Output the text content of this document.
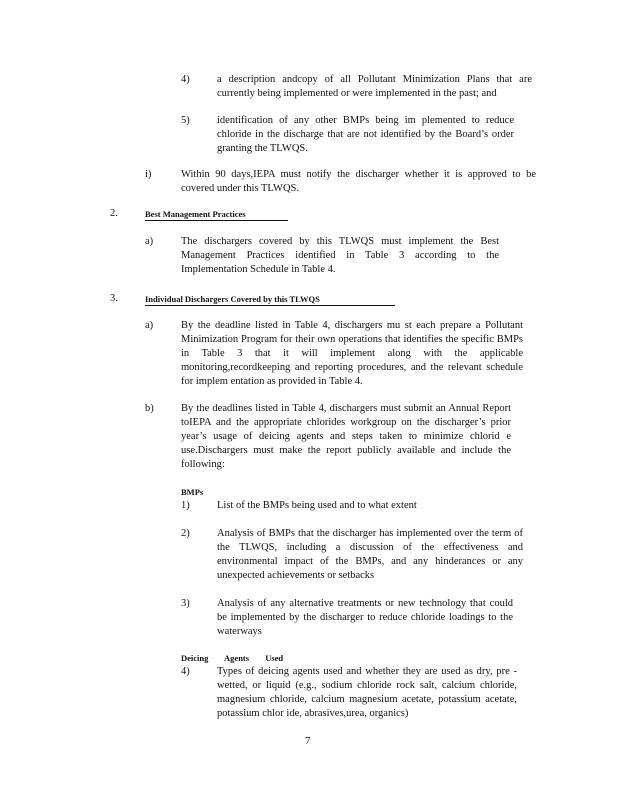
4)	a description andcopy of all Pollutant Minimization Plans that are currently being implemented or were implemented in the past; and
5)	identification of any other BMPs being im plemented to reduce chloride in the discharge that are not identified by the Board’s order granting the TLWQS.
i)	Within 90 days,IEPA must notify the discharger whether it is approved to be covered under this TLWQS.
2.	Best Management Practices
a)	The dischargers covered by this TLWQS must implement the Best Management Practices identified in Table 3 according to the Implementation Schedule in Table 4.
3.	Individual Dischargers Covered by this TLWQS
a)	By the deadline listed in Table 4, dischargers mu st each prepare a Pollutant Minimization Program for their own operations that identifies the specific BMPs in Table 3 that it will implement along with the applicable monitoring,recordkeeping and reporting procedures, and the relevant schedule for implem entation as provided in Table 4.
b)	By the deadlines listed in Table 4, dischargers must submit an Annual Report toIEPA and the appropriate chlorides workgroup on the discharger’s prior year’s usage of deicing agents and steps taken to minimize chlorid e use.Dischargers must make the report publicly available and include the following:
BMPs
1)	List of the BMPs being used and to what extent
2)	Analysis of BMPs that the discharger has implemented over the term of the TLWQS, including a discussion of the effectiveness and environmental impact of the BMPs, and any hinderances or any unexpected achievements or setbacks
3)	Analysis of any alternative treatments or new technology that could be implemented by the discharger to reduce chloride loadings to the waterways
Deicing Agents Used
4)	Types of deicing agents used and whether they are used as dry, pre -wetted, or liquid (e.g., sodium chloride rock salt, calcium chloride, magnesium chloride, calcium magnesium acetate, potassium acetate, potassium chlor ide, abrasives,urea, organics)
7
